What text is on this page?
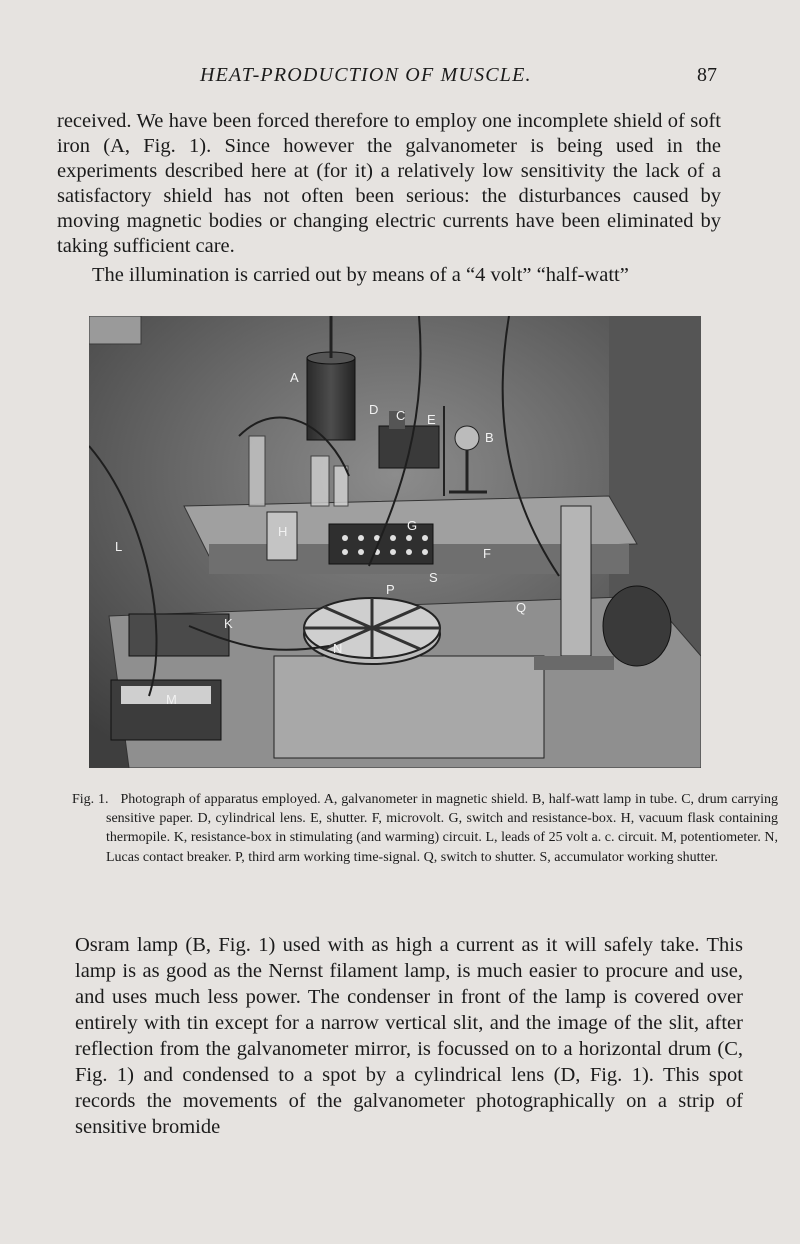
HEAT-PRODUCTION OF MUSCLE.	87

received. We have been forced therefore to employ one incomplete shield of soft iron (A, Fig. 1). Since however the galvanometer is being used in the experiments described here at (for it) a relatively low sensitivity the lack of a satisfactory shield has not often been serious: the disturbances caused by moving magnetic bodies or changing electric currents have been eliminated by taking sufficient care.

The illumination is carried out by means of a “4 volt” “half-watt”

A
B
C
D
E
F
G
H
K
L
M
N
P
Q
S
Fig. 1. Photograph of apparatus employed. A, galvanometer in magnetic shield. B, half-watt lamp in tube. C, drum carrying sensitive paper. D, cylindrical lens. E, shutter. F, microvolt. G, switch and resistance-box. H, vacuum flask containing thermopile. K, resistance-box in stimulating (and warming) circuit. L, leads of 25 volt a. c. circuit. M, potentiometer. N, Lucas contact breaker. P, third arm working time-signal. Q, switch to shutter. S, accumulator working shutter.

Osram lamp (B, Fig. 1) used with as high a current as it will safely take. This lamp is as good as the Nernst filament lamp, is much easier to procure and use, and uses much less power. The condenser in front of the lamp is covered over entirely with tin except for a narrow vertical slit, and the image of the slit, after reflection from the galvanometer mirror, is focussed on to a horizontal drum (C, Fig. 1) and condensed to a spot by a cylindrical lens (D, Fig. 1). This spot records the movements of the galvanometer photographically on a strip of sensitive bromide
